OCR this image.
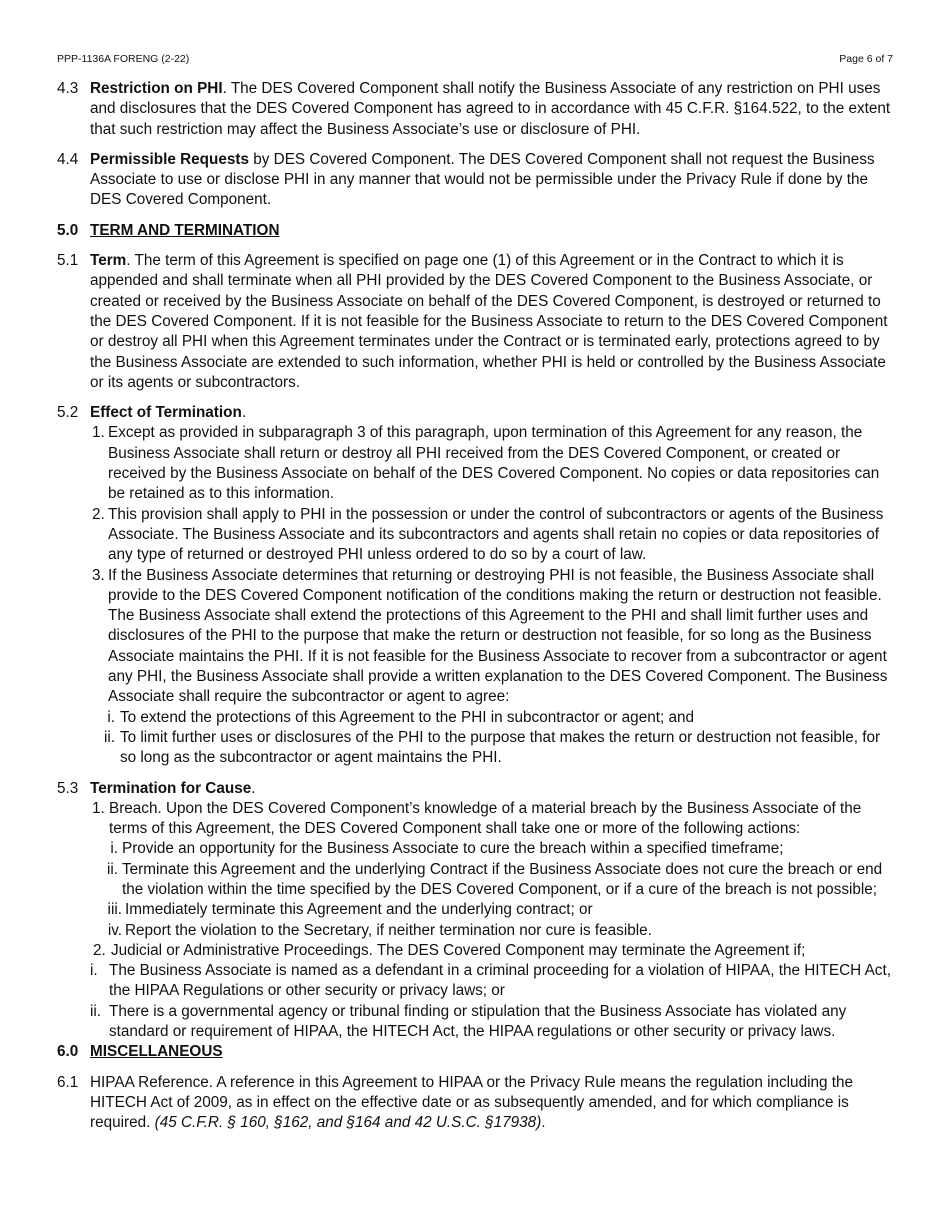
PPP-1136A FORENG (2-22)	Page 6 of 7
4.3 Restriction on PHI. The DES Covered Component shall notify the Business Associate of any restriction on PHI uses and disclosures that the DES Covered Component has agreed to in accordance with 45 C.F.R. §164.522, to the extent that such restriction may affect the Business Associate’s use or disclosure of PHI.
4.4 Permissible Requests by DES Covered Component. The DES Covered Component shall not request the Business Associate to use or disclose PHI in any manner that would not be permissible under the Privacy Rule if done by the DES Covered Component.
5.0 TERM AND TERMINATION
5.1 Term. The term of this Agreement is specified on page one (1) of this Agreement or in the Contract to which it is appended and shall terminate when all PHI provided by the DES Covered Component to the Business Associate, or created or received by the Business Associate on behalf of the DES Covered Component, is destroyed or returned to the DES Covered Component. If it is not feasible for the Business Associate to return to the DES Covered Component or destroy all PHI when this Agreement terminates under the Contract or is terminated early, protections agreed to by the Business Associate are extended to such information, whether PHI is held or controlled by the Business Associate or its agents or subcontractors.
5.2 Effect of Termination.
1. Except as provided in subparagraph 3 of this paragraph, upon termination of this Agreement for any reason, the Business Associate shall return or destroy all PHI received from the DES Covered Component, or created or received by the Business Associate on behalf of the DES Covered Component. No copies or data repositories can be retained as to this information.
2. This provision shall apply to PHI in the possession or under the control of subcontractors or agents of the Business Associate. The Business Associate and its subcontractors and agents shall retain no copies or data repositories of any type of returned or destroyed PHI unless ordered to do so by a court of law.
3. If the Business Associate determines that returning or destroying PHI is not feasible, the Business Associate shall provide to the DES Covered Component notification of the conditions making the return or destruction not feasible. The Business Associate shall extend the protections of this Agreement to the PHI and shall limit further uses and disclosures of the PHI to the purpose that make the return or destruction not feasible, for so long as the Business Associate maintains the PHI. If it is not feasible for the Business Associate to recover from a subcontractor or agent any PHI, the Business Associate shall provide a written explanation to the DES Covered Component. The Business Associate shall require the subcontractor or agent to agree:
i. To extend the protections of this Agreement to the PHI in subcontractor or agent; and
ii. To limit further uses or disclosures of the PHI to the purpose that makes the return or destruction not feasible, for so long as the subcontractor or agent maintains the PHI.
5.3 Termination for Cause.
1. Breach. Upon the DES Covered Component’s knowledge of a material breach by the Business Associate of the terms of this Agreement, the DES Covered Component shall take one or more of the following actions:
i. Provide an opportunity for the Business Associate to cure the breach within a specified timeframe;
ii. Terminate this Agreement and the underlying Contract if the Business Associate does not cure the breach or end the violation within the time specified by the DES Covered Component, or if a cure of the breach is not possible;
iii. Immediately terminate this Agreement and the underlying contract; or
iv. Report the violation to the Secretary, if neither termination nor cure is feasible.
2. Judicial or Administrative Proceedings. The DES Covered Component may terminate the Agreement if;
i. The Business Associate is named as a defendant in a criminal proceeding for a violation of HIPAA, the HITECH Act, the HIPAA Regulations or other security or privacy laws; or
ii. There is a governmental agency or tribunal finding or stipulation that the Business Associate has violated any standard or requirement of HIPAA, the HITECH Act, the HIPAA regulations or other security or privacy laws.
6.0 MISCELLANEOUS
6.1 HIPAA Reference. A reference in this Agreement to HIPAA or the Privacy Rule means the regulation including the HITECH Act of 2009, as in effect on the effective date or as subsequently amended, and for which compliance is required. (45 C.F.R. § 160, §162, and §164 and 42 U.S.C. §17938).
